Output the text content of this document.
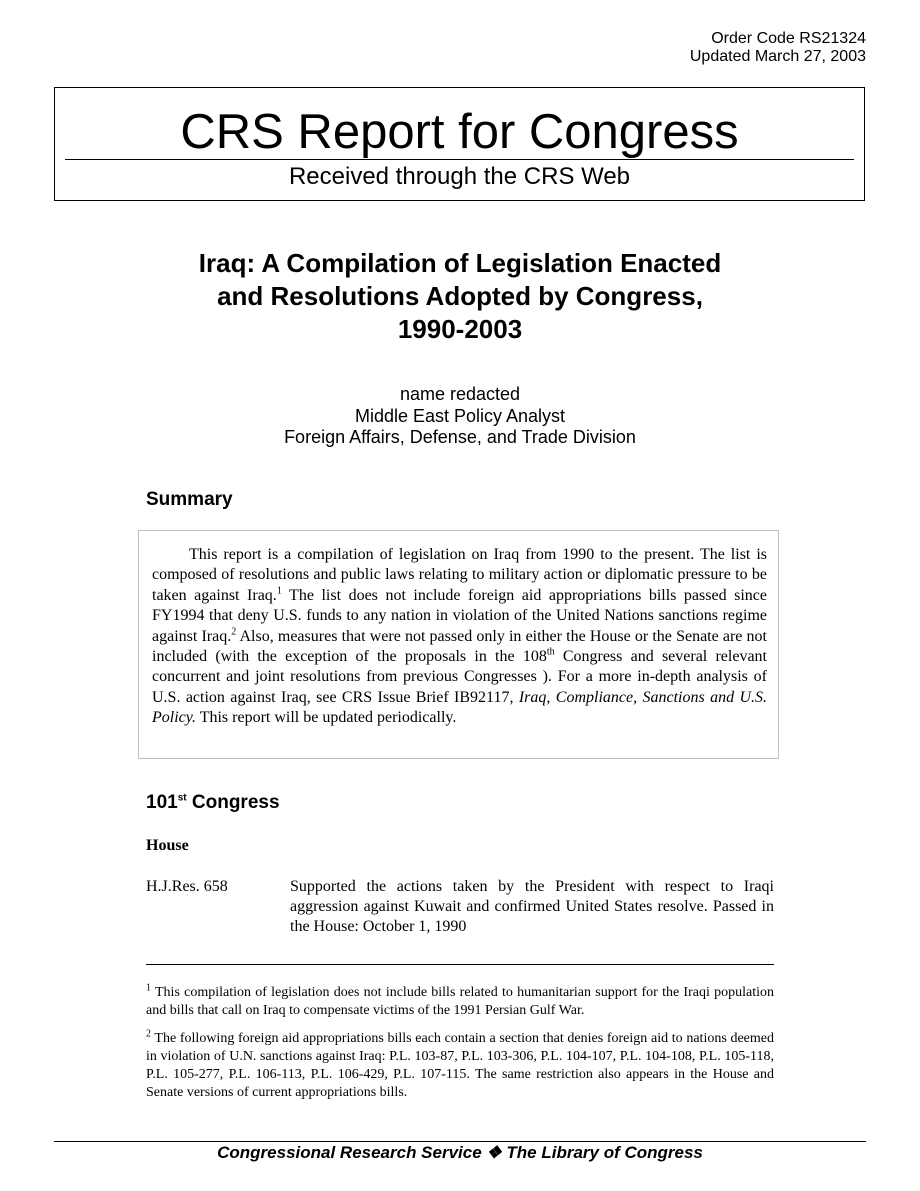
Order Code RS21324
Updated March 27, 2003
CRS Report for Congress
Received through the CRS Web
Iraq: A Compilation of Legislation Enacted
and Resolutions Adopted by Congress,
1990-2003
name redacted
Middle East Policy Analyst
Foreign Affairs, Defense, and Trade Division
Summary
This report is a compilation of legislation on Iraq from 1990 to the present. The list is composed of resolutions and public laws relating to military action or diplomatic pressure to be taken against Iraq.$^1$ The list does not include foreign aid appropriations bills passed since FY1994 that deny U.S. funds to any nation in violation of the United Nations sanctions regime against Iraq.$^2$ Also, measures that were not passed only in either the House or the Senate are not included (with the exception of the proposals in the 108th Congress and several relevant concurrent and joint resolutions from previous Congresses ). For a more in-depth analysis of U.S. action against Iraq, see CRS Issue Brief IB92117, Iraq, Compliance, Sanctions and U.S. Policy. This report will be updated periodically.
101st Congress
House
H.J.Res. 658	Supported the actions taken by the President with respect to Iraqi aggression against Kuwait and confirmed United States resolve. Passed in the House: October 1, 1990
$^1$ This compilation of legislation does not include bills related to humanitarian support for the Iraqi population and bills that call on Iraq to compensate victims of the 1991 Persian Gulf War.
$^2$ The following foreign aid appropriations bills each contain a section that denies foreign aid to nations deemed in violation of U.N. sanctions against Iraq: P.L. 103-87, P.L. 103-306, P.L. 104-107, P.L. 104-108, P.L. 105-118, P.L. 105-277, P.L. 106-113, P.L. 106-429, P.L. 107-115. The same restriction also appears in the House and Senate versions of current appropriations bills.
Congressional Research Service ❖ The Library of Congress
